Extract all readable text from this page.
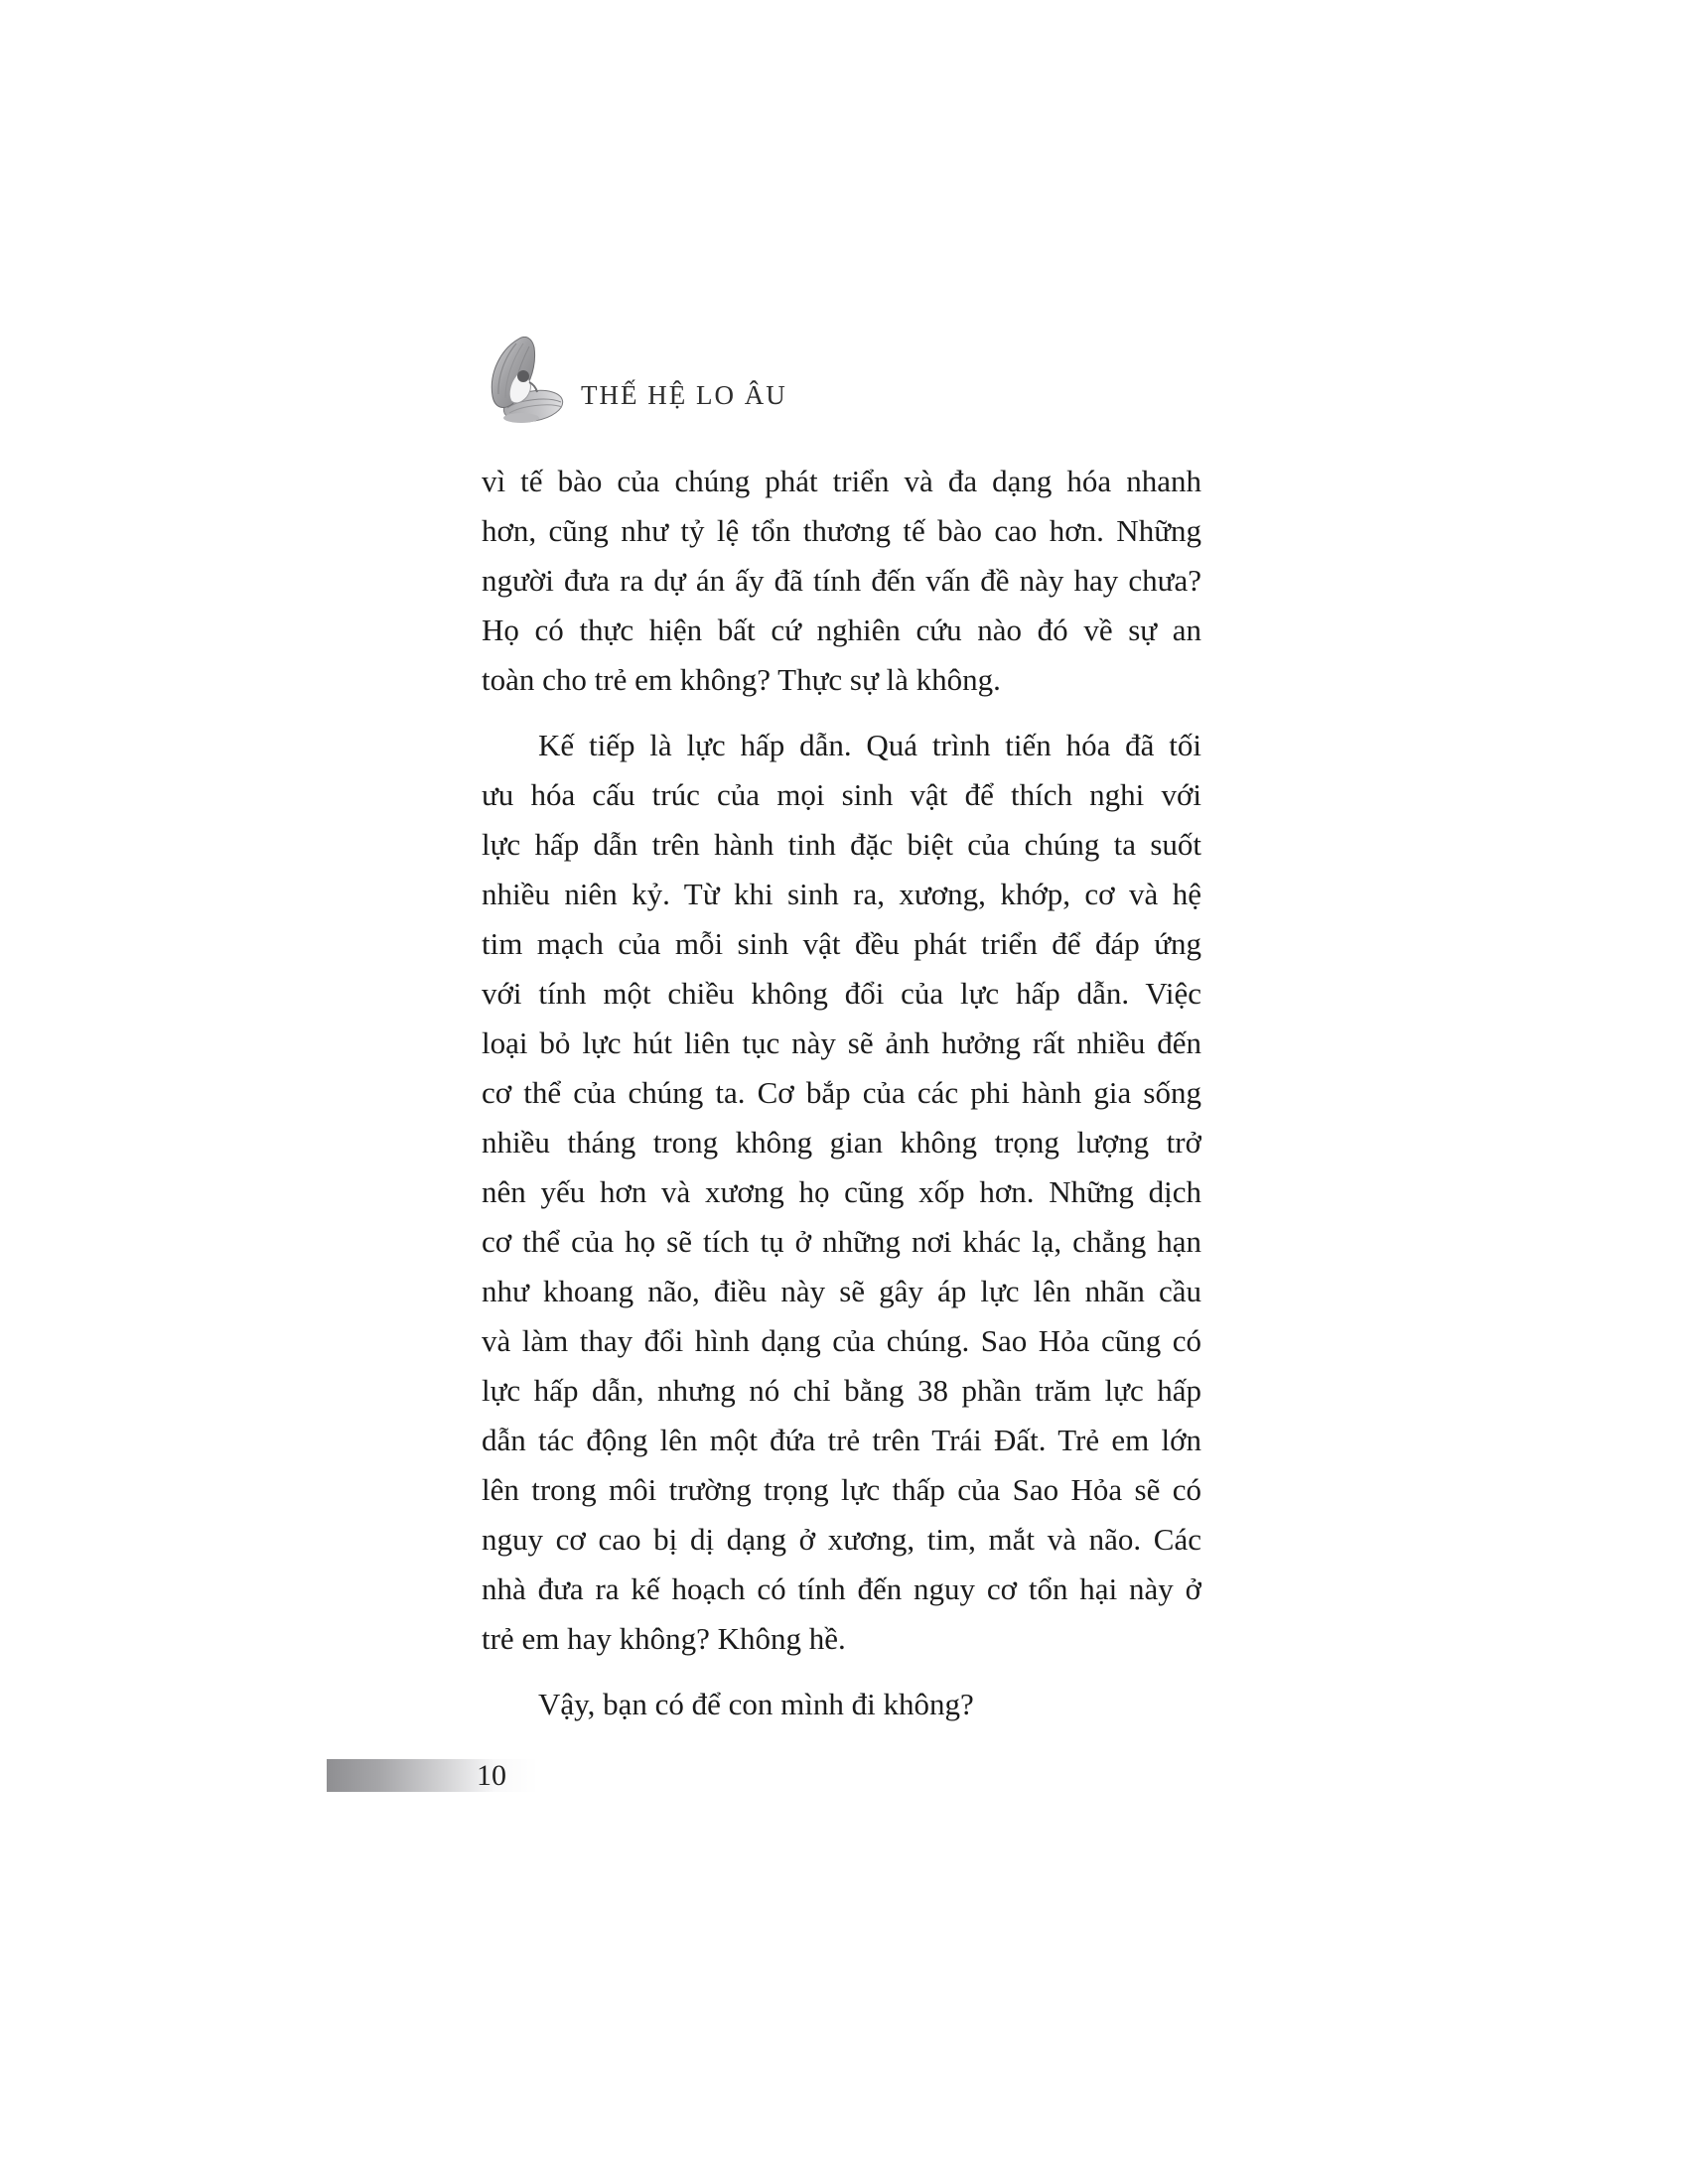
THẾ HỆ LO ÂU
vì tế bào của chúng phát triển và đa dạng hóa nhanh
hơn, cũng như tỷ lệ tổn thương tế bào cao hơn. Những
người đưa ra dự án ấy đã tính đến vấn đề này hay chưa?
Họ có thực hiện bất cứ nghiên cứu nào đó về sự an
toàn cho trẻ em không? Thực sự là không.
Kế tiếp là lực hấp dẫn. Quá trình tiến hóa đã tối
ưu hóa cấu trúc của mọi sinh vật để thích nghi với
lực hấp dẫn trên hành tinh đặc biệt của chúng ta suốt
nhiều niên kỷ. Từ khi sinh ra, xương, khớp, cơ và hệ
tim mạch của mỗi sinh vật đều phát triển để đáp ứng
với tính một chiều không đổi của lực hấp dẫn. Việc
loại bỏ lực hút liên tục này sẽ ảnh hưởng rất nhiều đến
cơ thể của chúng ta. Cơ bắp của các phi hành gia sống
nhiều tháng trong không gian không trọng lượng trở
nên yếu hơn và xương họ cũng xốp hơn. Những dịch
cơ thể của họ sẽ tích tụ ở những nơi khác lạ, chẳng hạn
như khoang não, điều này sẽ gây áp lực lên nhãn cầu
và làm thay đổi hình dạng của chúng. Sao Hỏa cũng có
lực hấp dẫn, nhưng nó chỉ bằng 38 phần trăm lực hấp
dẫn tác động lên một đứa trẻ trên Trái Đất. Trẻ em lớn
lên trong môi trường trọng lực thấp của Sao Hỏa sẽ có
nguy cơ cao bị dị dạng ở xương, tim, mắt và não. Các
nhà đưa ra kế hoạch có tính đến nguy cơ tổn hại này ở
trẻ em hay không? Không hề.
Vậy, bạn có để con mình đi không?
10
